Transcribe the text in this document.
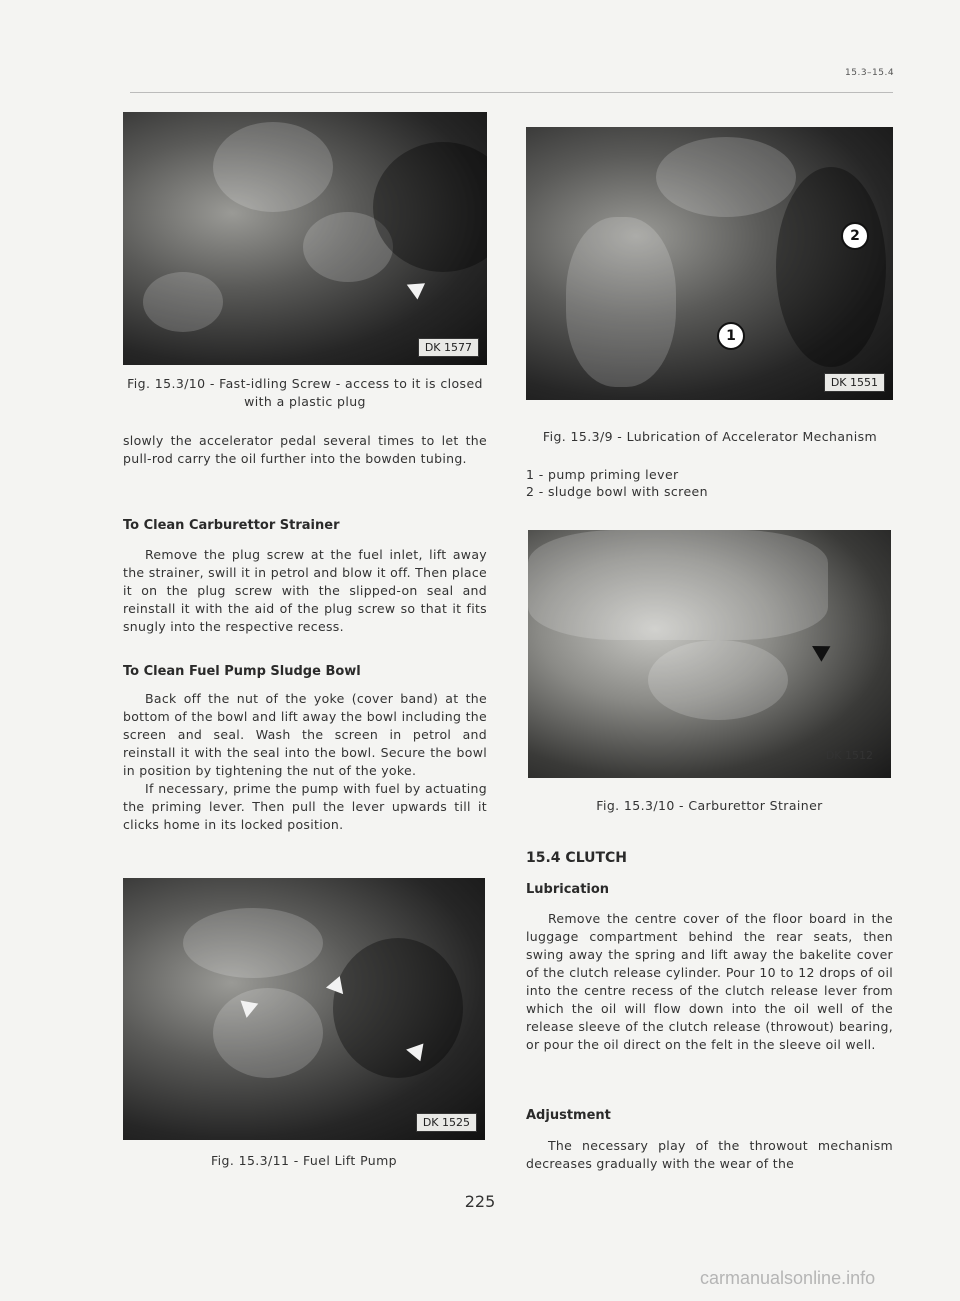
15.3–15.4
DK 1577
Fig. 15.3/10 - Fast-idling Screw - access to it is closed with a plastic plug

slowly the accelerator pedal several times to let the pull-rod carry the oil further into the bowden tubing.

To Clean Carburettor Strainer

Remove the plug screw at the fuel inlet, lift away the strainer, swill it in petrol and blow it off. Then place it on the plug screw with the slipped-on seal and reinstall it with the aid of the plug screw so that it fits snugly into the respective recess.

To Clean Fuel Pump Sludge Bowl

Back off the nut of the yoke (cover band) at the bottom of the bowl and lift away the bowl including the screen and seal. Wash the screen in petrol and reinstall it with the seal into the bowl. Secure the bowl in position by tightening the nut of the yoke.

If necessary, prime the pump with fuel by actuating the priming lever. Then pull the lever upwards till it clicks home in its locked position.

DK 1525
Fig. 15.3/11 - Fuel Lift Pump
1
2
DK 1551
Fig. 15.3/9 - Lubrication of Accelerator Mechanism
1 - pump priming lever
2 - sludge bowl with screen
DK 1512
Fig. 15.3/10 - Carburettor Strainer
15.4 CLUTCH
Lubrication

Remove the centre cover of the floor board in the luggage compartment behind the rear seats, then swing away the spring and lift away the bakelite cover of the clutch release cylinder. Pour 10 to 12 drops of oil into the centre recess of the clutch release lever from which the oil will flow down into the oil well of the release sleeve of the clutch release (throwout) bearing, or pour the oil direct on the felt in the sleeve oil well.

Adjustment

The necessary play of the throwout mechanism decreases gradually with the wear of the

225
carmanualsonline.info
